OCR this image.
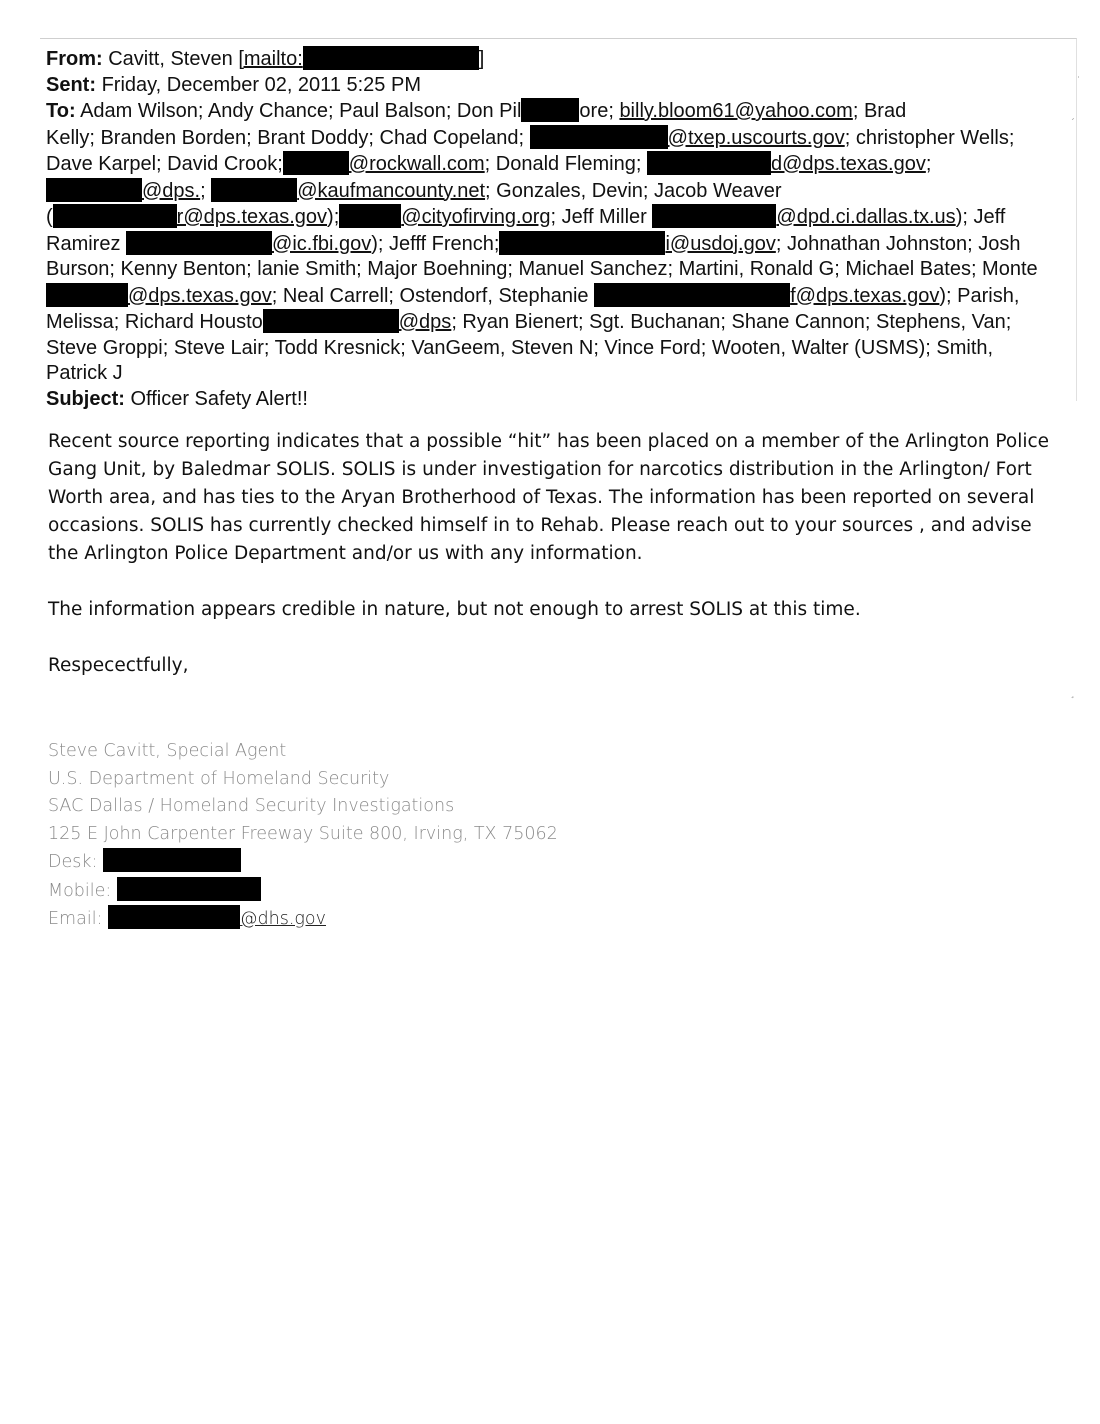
From: Cavitt, Steven [mailto:	]
Sent: Friday, December 02, 2011 5:25 PM
To: Adam Wilson; Andy Chance; Paul Balson; Don Pil	ore; billy.bloom61@yahoo.com; Brad
Kelly; Branden Borden; Brant Doddy; Chad Copeland;	@txep.uscourts.gov; christopher Wells;
Dave Karpel; David Crook;	@rockwall.com; Donald Fleming;	d@dps.texas.gov;
@dps.;	@kaufmancounty.net; Gonzales, Devin; Jacob Weaver
(	r@dps.texas.gov);	@cityofirving.org; Jeff Miller	@dpd.ci.dallas.tx.us); Jeff
Ramirez	@ic.fbi.gov); Jefff French;	i@usdoj.gov; Johnathan Johnston; Josh
Burson; Kenny Benton; lanie Smith; Major Boehning; Manuel Sanchez; Martini, Ronald G; Michael Bates; Monte
@dps.texas.gov; Neal Carrell; Ostendorf, Stephanie	f@dps.texas.gov); Parish,
Melissa; Richard Housto	@dps; Ryan Bienert; Sgt. Buchanan; Shane Cannon; Stephens, Van;
Steve Groppi; Steve Lair; Todd Kresnick; VanGeem, Steven N; Vince Ford; Wooten, Walter (USMS); Smith,
Patrick J
Subject: Officer Safety Alert!!

Recent source reporting indicates that a possible “hit” has been placed on a member of the Arlington Police

Gang Unit, by Baledmar SOLIS. SOLIS is under investigation for narcotics distribution in the Arlington/ Fort

Worth area, and has ties to the Aryan Brotherhood of Texas. The information has been reported on several

occasions. SOLIS has currently checked himself in to Rehab. Please reach out to your sources , and advise

the Arlington Police Department and/or us with any information.

The information appears credible in nature, but not enough to arrest SOLIS at this time.

Respecectfully,

Steve Cavitt, Special Agent
U.S. Department of Homeland Security
SAC Dallas / Homeland Security Investigations
125 E John Carpenter Freeway Suite 800, Irving, TX 75062
Desk:
Mobile:
Email:	@dhs.gov
˙
´
¸
